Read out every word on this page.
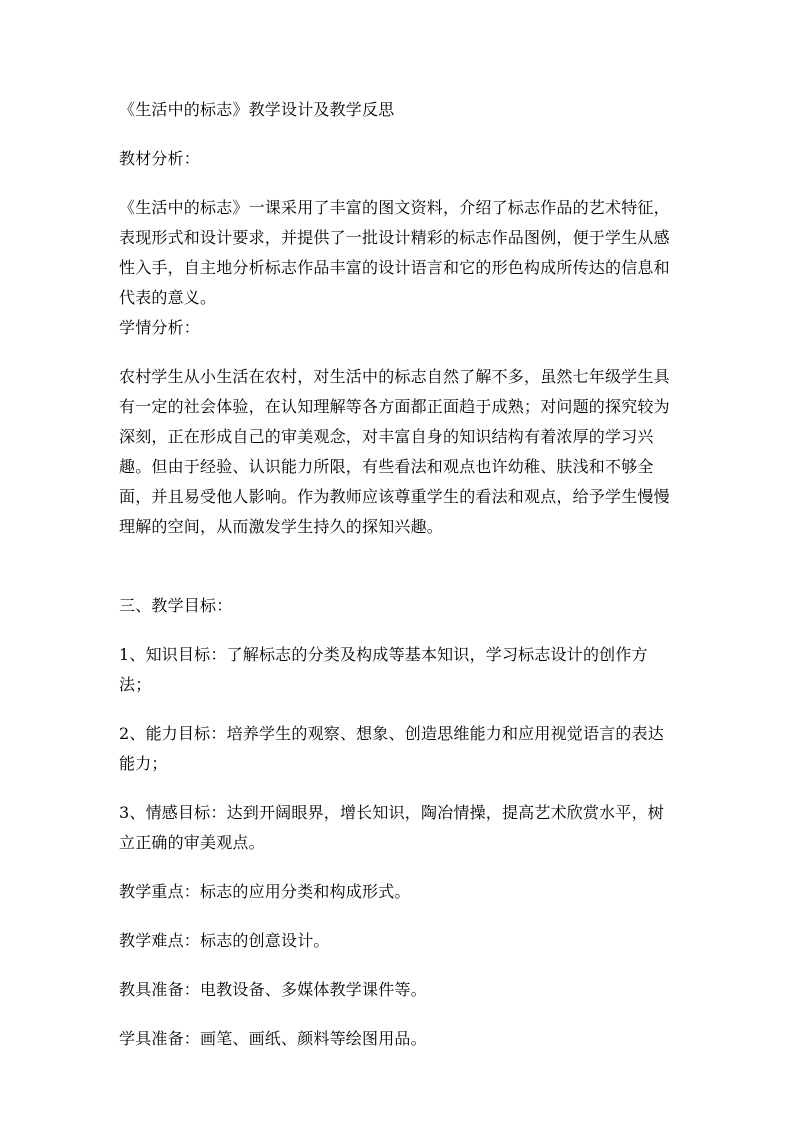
《生活中的标志》教学设计及教学反思

教材分析：

《生活中的标志》一课采用了丰富的图文资料，介绍了标志作品的艺术特征，表现形式和设计要求，并提供了一批设计精彩的标志作品图例，便于学生从感性入手，自主地分析标志作品丰富的设计语言和它的形色构成所传达的信息和代表的意义。

学情分析：

农村学生从小生活在农村，对生活中的标志自然了解不多，虽然七年级学生具有一定的社会体验，在认知理解等各方面都正面趋于成熟；对问题的探究较为深刻，正在形成自己的审美观念，对丰富自身的知识结构有着浓厚的学习兴趣。但由于经验、认识能力所限，有些看法和观点也许幼稚、肤浅和不够全面，并且易受他人影响。作为教师应该尊重学生的看法和观点，给予学生慢慢理解的空间，从而激发学生持久的探知兴趣。

三、教学目标：

1、知识目标：了解标志的分类及构成等基本知识，学习标志设计的创作方法；

2、能力目标：培养学生的观察、想象、创造思维能力和应用视觉语言的表达能力；

3、情感目标：达到开阔眼界，增长知识，陶冶情操，提高艺术欣赏水平，树立正确的审美观点。

教学重点：标志的应用分类和构成形式。

教学难点：标志的创意设计。

教具准备：电教设备、多媒体教学课件等。

学具准备：画笔、画纸、颜料等绘图用品。
